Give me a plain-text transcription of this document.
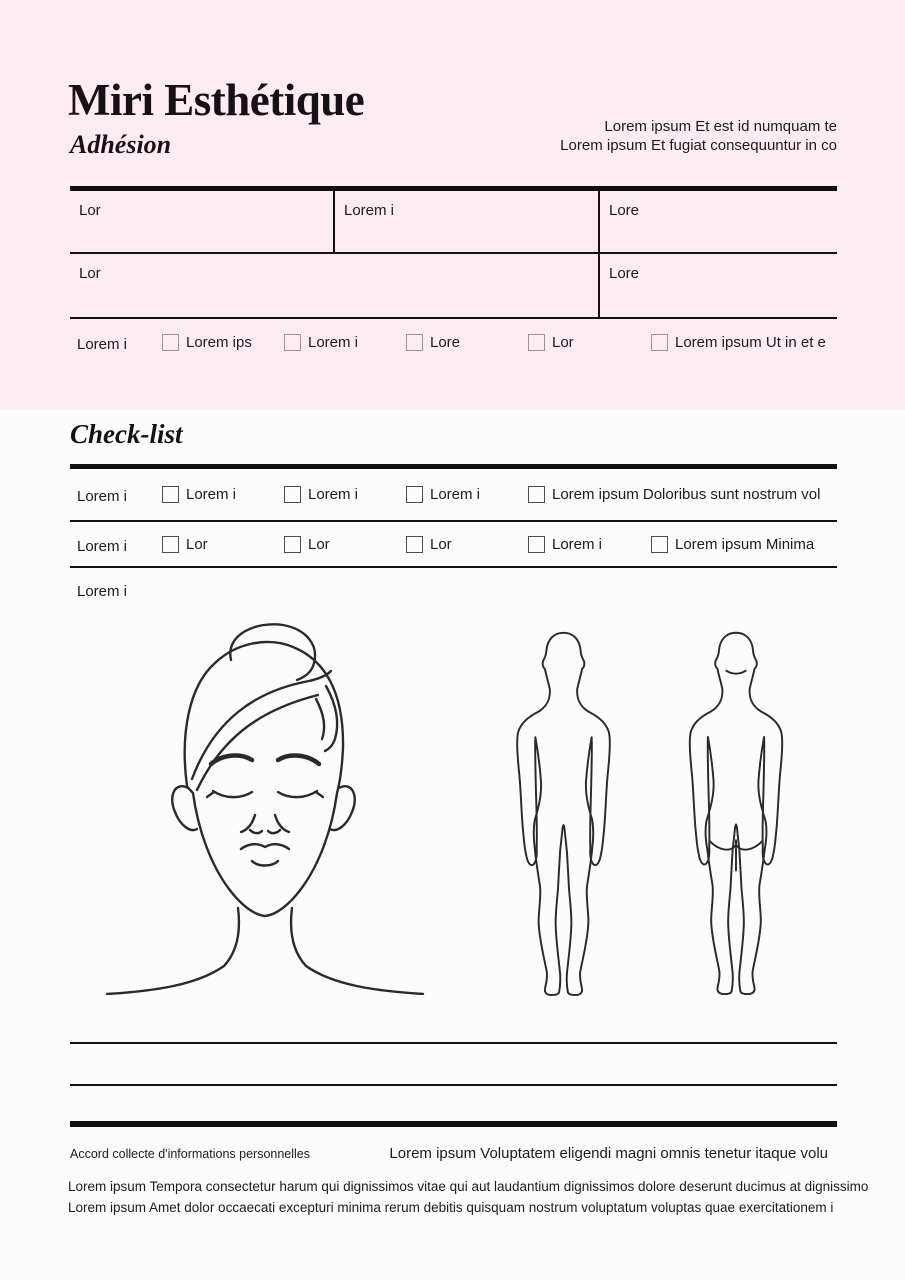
Miri Esthétique
Adhésion
Lorem ipsum Et est id numquam te
Lorem ipsum Et fugiat consequuntur in co
Lor	Lorem i	Lore
Lor	Lore
Lorem i	Lorem ips	Lorem i	Lore	Lor	Lorem ipsum Ut in et e
Check-list
Lorem i	Lorem i	Lorem i	Lorem i	Lorem ipsum Doloribus sunt nostrum vol
Lorem i	Lor	Lor	Lor	Lorem i	Lorem ipsum Minima
Lorem i
Accord collecte d'informations personnelles	Lorem ipsum Voluptatem eligendi magni omnis tenetur itaque volu
Lorem ipsum Tempora consectetur harum qui dignissimos vitae qui aut laudantium dignissimos dolore deserunt ducimus at dignissimo
Lorem ipsum Amet dolor occaecati excepturi minima rerum debitis quisquam nostrum voluptatum voluptas quae exercitationem i
